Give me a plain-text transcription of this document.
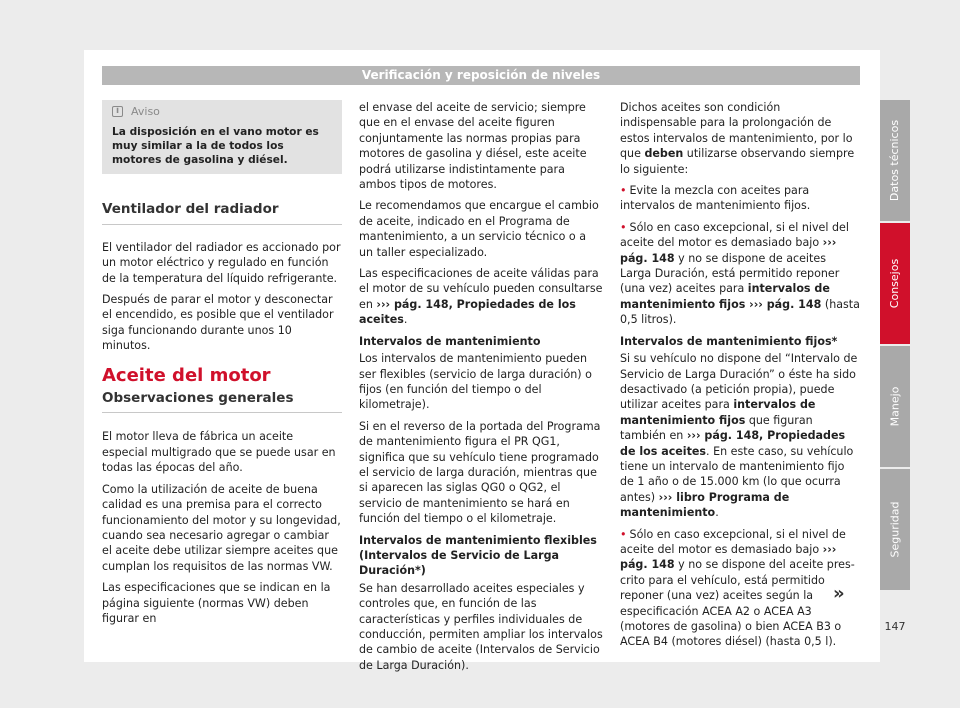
Verificación y reposición de niveles
i	Aviso
La disposición en el vano motor es muy similar a la de todos los motores de gasolina y diésel.
Ventilador del radiador

El ventilador del radiador es accionado por un motor eléctrico y regulado en función de la temperatura del líquido refrigerante.

Después de parar el motor y desconectar el encendido, es posible que el ventilador siga funcionando durante unos 10 minutos.

Aceite del motor
Observaciones generales

El motor lleva de fábrica un aceite especial multigrado que se puede usar en todas las épocas del año.

Como la utilización de aceite de buena calidad es una premisa para el correcto funcionamiento del motor y su longevidad, cuando sea necesario agregar o cambiar el aceite debe utilizar siempre aceites que cumplan los requisitos de las normas VW.

Las especificaciones que se indican en la página siguiente (normas VW) deben figurar en

el envase del aceite de servicio; siempre que en el envase del aceite figuren conjuntamente las normas propias para motores de gasolina y diésel, este aceite podrá utilizarse indistintamente para ambos tipos de motores.

Le recomendamos que encargue el cambio de aceite, indicado en el Programa de mantenimiento, a un servicio técnico o a un taller especializado.

Las especificaciones de aceite válidas para el motor de su vehículo pueden consultarse en ››› pág. 148, Propiedades de los aceites.

Intervalos de mantenimiento

Los intervalos de mantenimiento pueden ser flexibles (servicio de larga duración) o fijos (en función del tiempo o del kilometraje).

Si en el reverso de la portada del Programa de mantenimiento figura el PR QG1, significa que su vehículo tiene programado el servicio de larga duración, mientras que si aparecen las siglas QG0 o QG2, el servicio de mantenimiento se hará en función del tiempo o el kilometraje.

Intervalos de mantenimiento flexibles (Intervalos de Servicio de Larga Duración*)

Se han desarrollado aceites especiales y controles que, en función de las características y perfiles individuales de conducción, permiten ampliar los intervalos de cambio de aceite (Intervalos de Servicio de Larga Duración).

Dichos aceites son condición indispensable para la prolongación de estos intervalos de mantenimiento, por lo que deben utilizarse observando siempre lo siguiente:

• Evite la mezcla con aceites para intervalos de mantenimiento fijos.

• Sólo en caso excepcional, si el nivel del aceite del motor es demasiado bajo ››› pág. 148 y no se dispone de aceites Larga Duración, está permitido reponer (una vez) aceites para intervalos de mantenimiento fijos ››› pág. 148 (hasta 0,5 litros).

Intervalos de mantenimiento fijos*

Si su vehículo no dispone del “Intervalo de Servicio de Larga Duración” o éste ha sido desactivado (a petición propia), puede utilizar aceites para intervalos de mantenimiento fijos que figuran también en ››› pág. 148, Propiedades de los aceites. En este caso, su vehículo tiene un intervalo de mantenimiento fijo de 1 año o de 15.000 km (lo que ocurra antes) ››› libro Programa de mantenimiento.

• Sólo en caso excepcional, si el nivel de aceite del motor es demasiado bajo ››› pág. 148 y no se dispone del aceite prescrito para el vehículo, está permitido reponer (una vez) aceites según la especificación ACEA A2 o ACEA A3 (motores de gasolina) o bien ACEA B3 o ACEA B4 (motores diésel) (hasta 0,5 l).

»
Datos técnicos
Consejos
Manejo
Seguridad
147
